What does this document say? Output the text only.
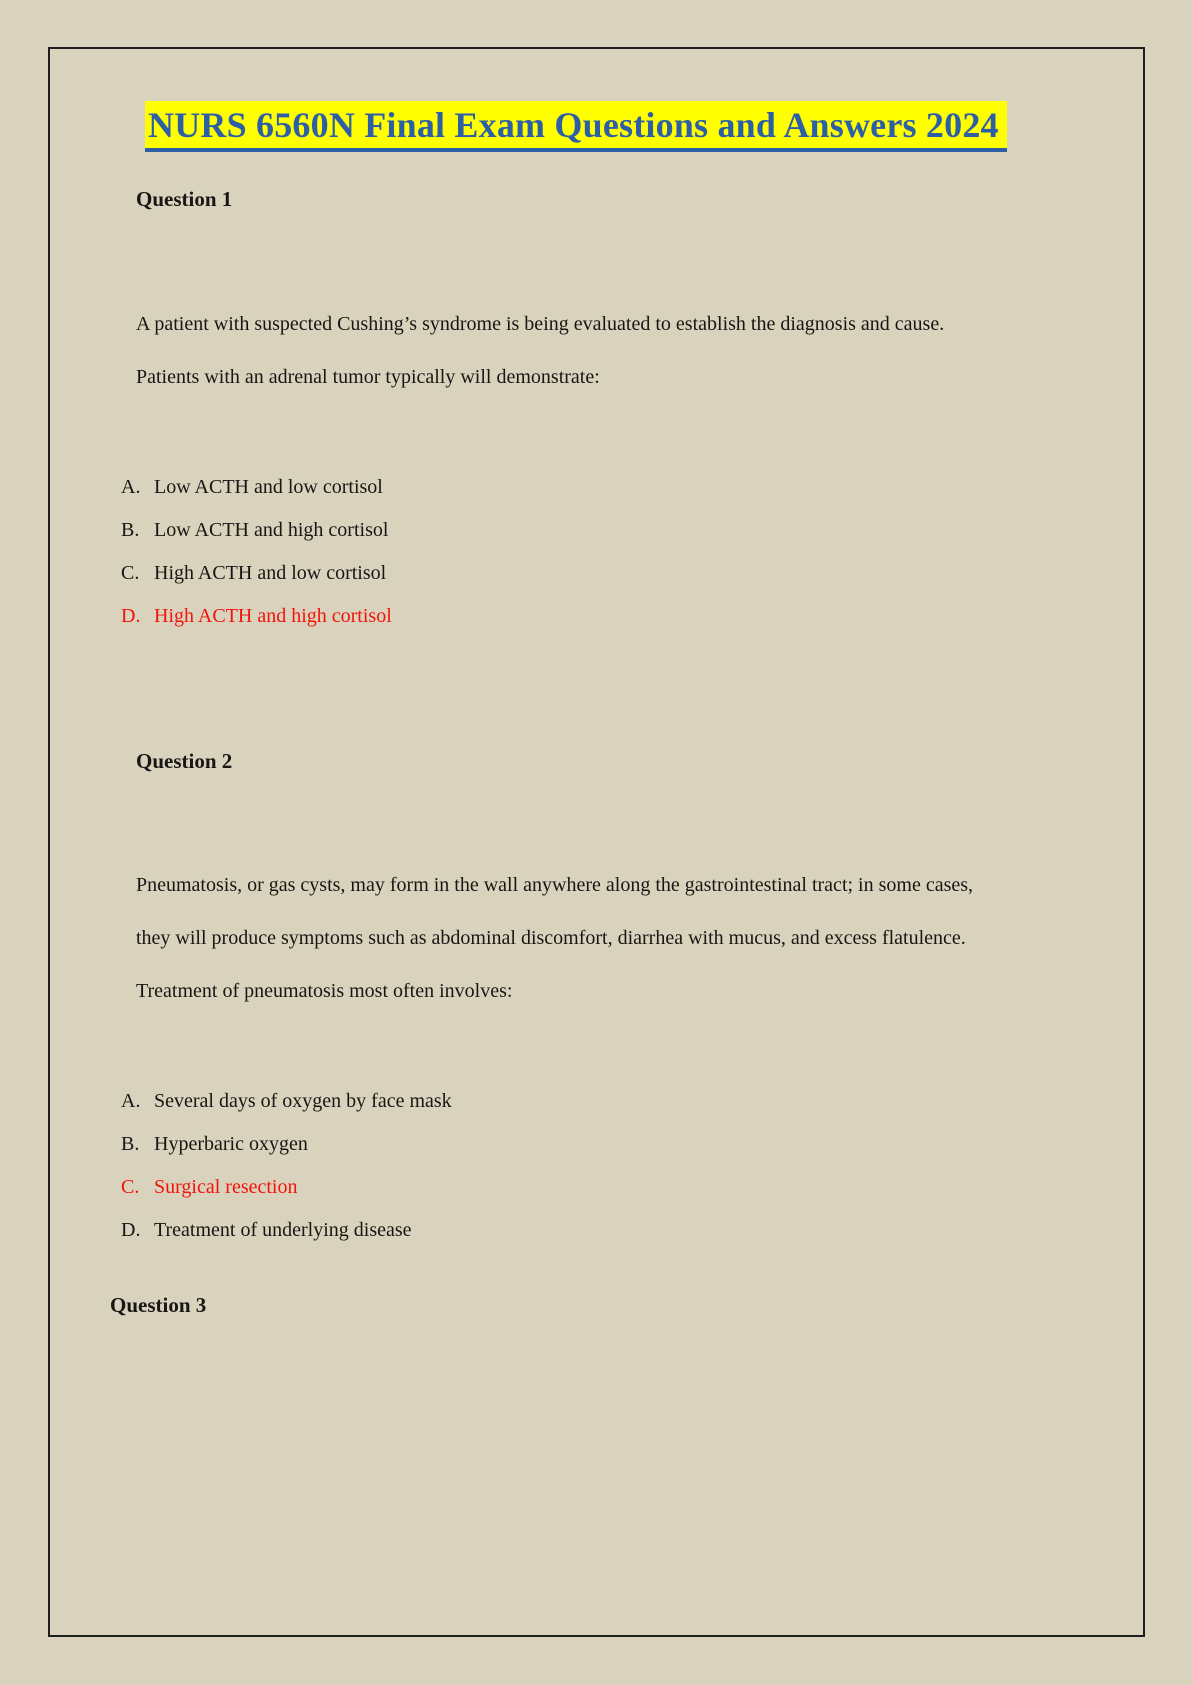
NURS 6560N Final Exam Questions and Answers 2024
Question 1

A patient with suspected Cushing’s syndrome is being evaluated to establish the diagnosis and cause. Patients with an adrenal tumor typically will demonstrate:

A. Low ACTH and low cortisol
B. Low ACTH and high cortisol
C. High ACTH and low cortisol
D. High ACTH and high cortisol
Question 2

Pneumatosis, or gas cysts, may form in the wall anywhere along the gastrointestinal tract; in some cases, they will produce symptoms such as abdominal discomfort, diarrhea with mucus, and excess flatulence. Treatment of pneumatosis most often involves:

A. Several days of oxygen by face mask
B. Hyperbaric oxygen
C. Surgical resection
D. Treatment of underlying disease
Question 3
